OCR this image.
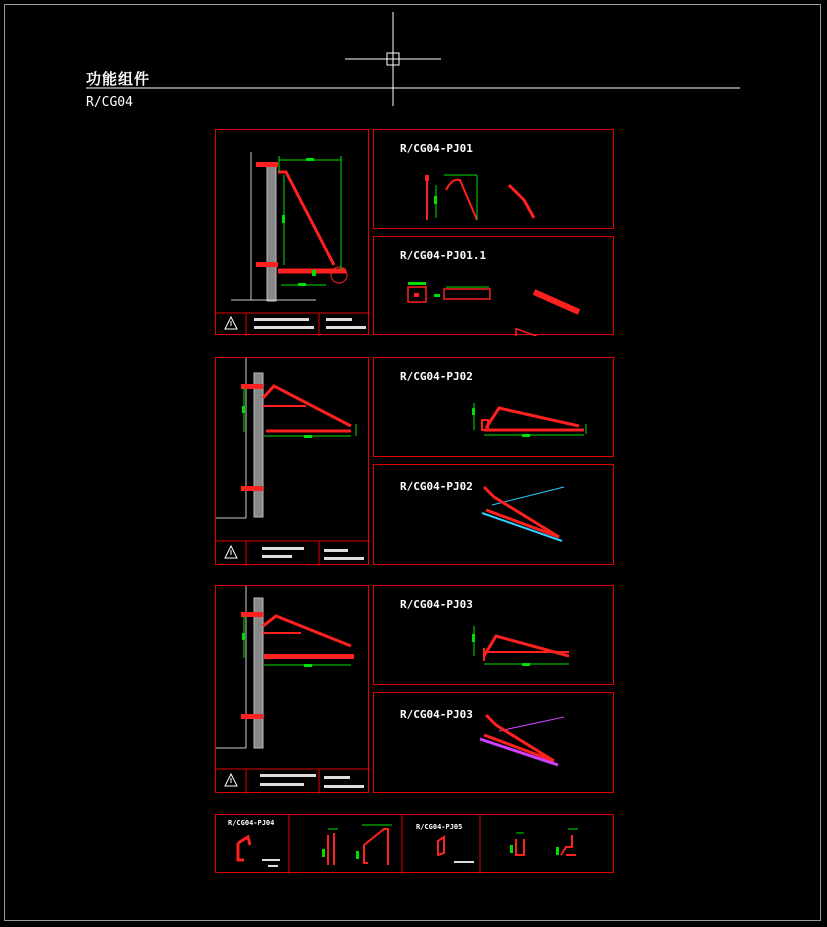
功能组件
R/CG04
R/CG04-PJ01
R/CG04-PJ01.1
R/CG04-PJ02
R/CG04-PJ02
R/CG04-PJ03
R/CG04-PJ03
R/CG04-PJ04	R/CG04-PJ05
